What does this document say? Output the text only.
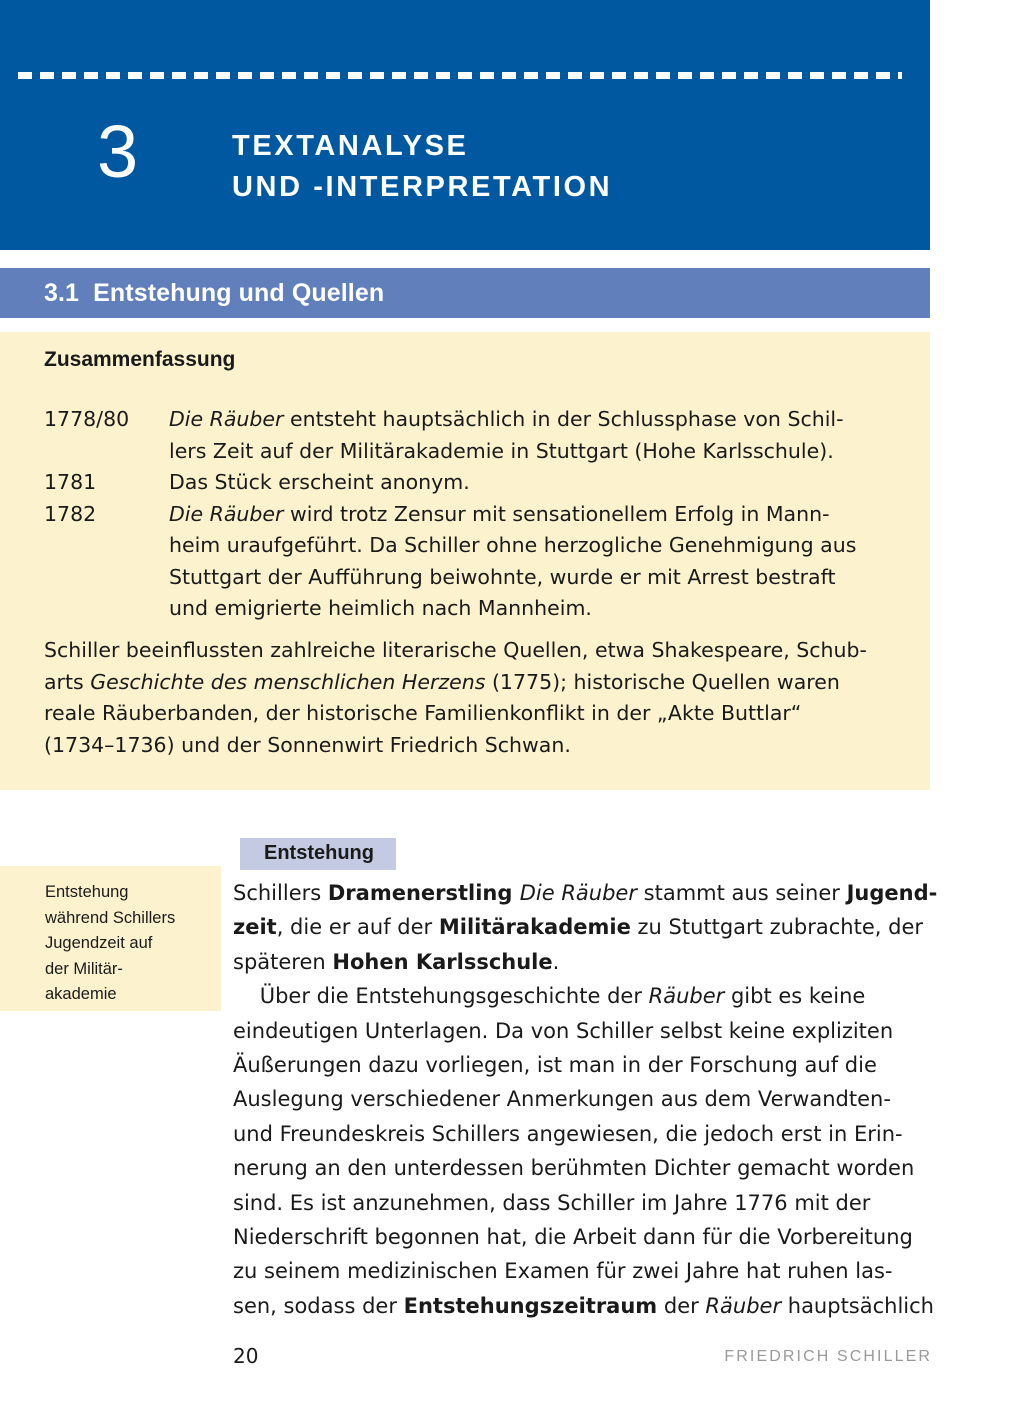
3	TEXTANALYSE
UND -INTERPRETATION
3.1  Entstehung und Quellen
Zusammenfassung
1778/80	Die Räuber entsteht hauptsächlich in der Schlussphase von Schil-
lers Zeit auf der Militärakademie in Stuttgart (Hohe Karlsschule).
1781	Das Stück erscheint anonym.
1782	Die Räuber wird trotz Zensur mit sensationellem Erfolg in Mann-
heim uraufgeführt. Da Schiller ohne herzogliche Genehmigung aus
Stuttgart der Aufführung beiwohnte, wurde er mit Arrest bestraft
und emigrierte heimlich nach Mannheim.
Schiller beeinflussten zahlreiche literarische Quellen, etwa Shakespeare, Schub-
arts Geschichte des menschlichen Herzens (1775); historische Quellen waren
reale Räuberbanden, der historische Familienkonflikt in der „Akte Buttlar“
(1734–1736) und der Sonnenwirt Friedrich Schwan.
Entstehung
während Schillers
Jugendzeit auf
der Militär-
akademie
Entstehung
Schillers Dramenerstling Die Räuber stammt aus seiner Jugend-
zeit, die er auf der Militärakademie zu Stuttgart zubrachte, der
späteren Hohen Karlsschule.
Über die Entstehungsgeschichte der Räuber gibt es keine
eindeutigen Unterlagen. Da von Schiller selbst keine expliziten
Äußerungen dazu vorliegen, ist man in der Forschung auf die
Auslegung verschiedener Anmerkungen aus dem Verwandten-
und Freundeskreis Schillers angewiesen, die jedoch erst in Erin-
nerung an den unterdessen berühmten Dichter gemacht worden
sind. Es ist anzunehmen, dass Schiller im Jahre 1776 mit der
Niederschrift begonnen hat, die Arbeit dann für die Vorbereitung
zu seinem medizinischen Examen für zwei Jahre hat ruhen las-
sen, sodass der Entstehungszeitraum der Räuber hauptsächlich
20	FRIEDRICH SCHILLER
